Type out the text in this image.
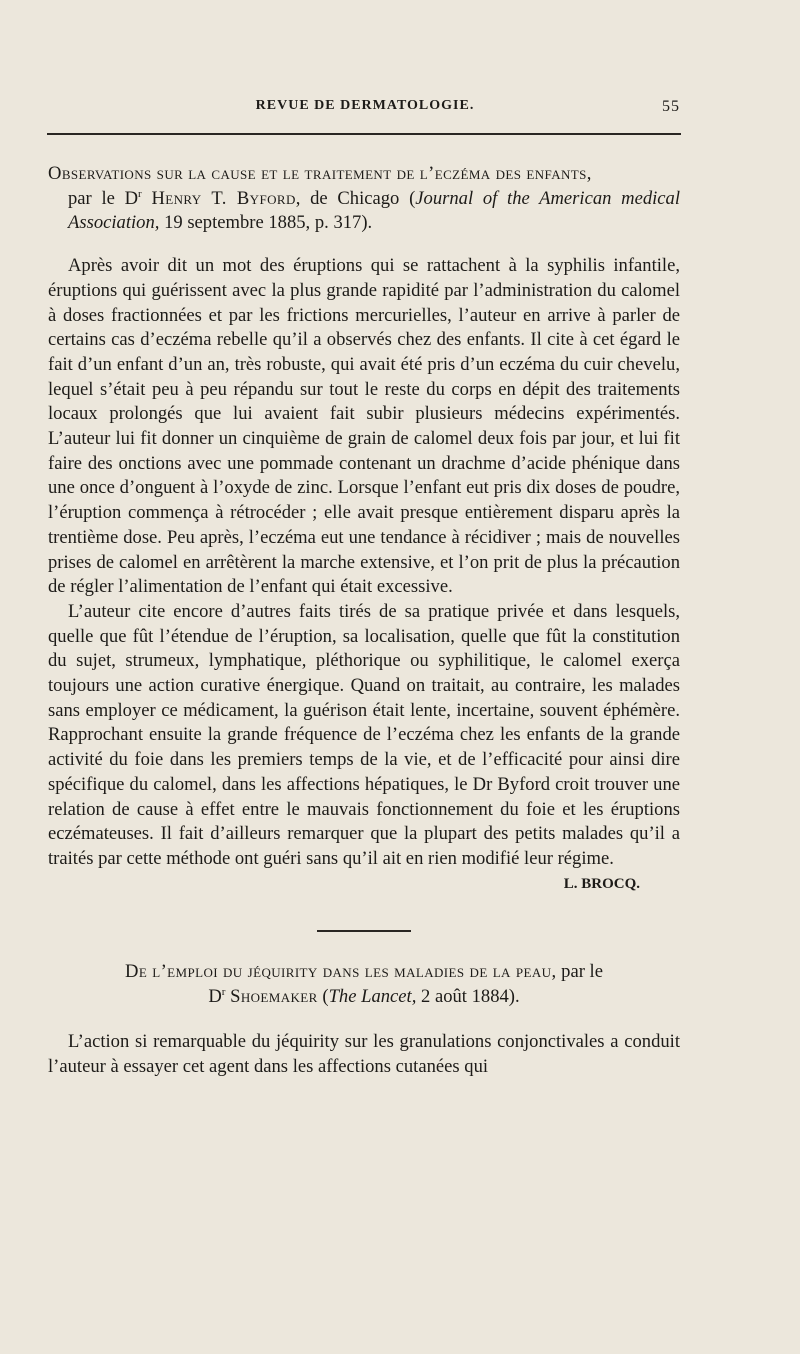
REVUE DE DERMATOLOGIE.	55
Observations sur la cause et le traitement de l’eczéma des enfants,
par le $D^r$ Henry T. Byford, de Chicago (Journal of the American medical Association, 19 septembre 1885, p. 317).

Après avoir dit un mot des éruptions qui se rattachent à la syphilis infantile, éruptions qui guérissent avec la plus grande rapidité par l’administration du calomel à doses fractionnées et par les frictions mercurielles, l’auteur en arrive à parler de certains cas d’eczéma rebelle qu’il a observés chez des enfants. Il cite à cet égard le fait d’un enfant d’un an, très robuste, qui avait été pris d’un eczéma du cuir chevelu, lequel s’était peu à peu répandu sur tout le reste du corps en dépit des traitements locaux prolongés que lui avaient fait subir plusieurs médecins expérimentés. L’auteur lui fit donner un cinquième de grain de calomel deux fois par jour, et lui fit faire des onctions avec une pommade contenant un drachme d’acide phénique dans une once d’onguent à l’oxyde de zinc. Lorsque l’enfant eut pris dix doses de poudre, l’éruption commença à rétrocéder ; elle avait presque entièrement disparu après la trentième dose. Peu après, l’eczéma eut une tendance à récidiver ; mais de nouvelles prises de calomel en arrêtèrent la marche extensive, et l’on prit de plus la précaution de régler l’alimentation de l’enfant qui était excessive.

L’auteur cite encore d’autres faits tirés de sa pratique privée et dans lesquels, quelle que fût l’étendue de l’éruption, sa localisation, quelle que fût la constitution du sujet, strumeux, lymphatique, pléthorique ou syphilitique, le calomel exerça toujours une action curative énergique. Quand on traitait, au contraire, les malades sans employer ce médicament, la guérison était lente, incertaine, souvent éphémère. Rapprochant ensuite la grande fréquence de l’eczéma chez les enfants de la grande activité du foie dans les premiers temps de la vie, et de l’efficacité pour ainsi dire spécifique du calomel, dans les affections hépatiques, le Dr Byford croit trouver une relation de cause à effet entre le mauvais fonctionnement du foie et les éruptions eczémateuses. Il fait d’ailleurs remarquer que la plupart des petits malades qu’il a traités par cette méthode ont guéri sans qu’il ait en rien modifié leur régime.

L. BROCQ.

De l’emploi du jéquirity dans les maladies de la peau, par le
$D^r$ Shoemaker (The Lancet, 2 août 1884).

L’action si remarquable du jéquirity sur les granulations conjonctivales a conduit l’auteur à essayer cet agent dans les affections cutanées qui
